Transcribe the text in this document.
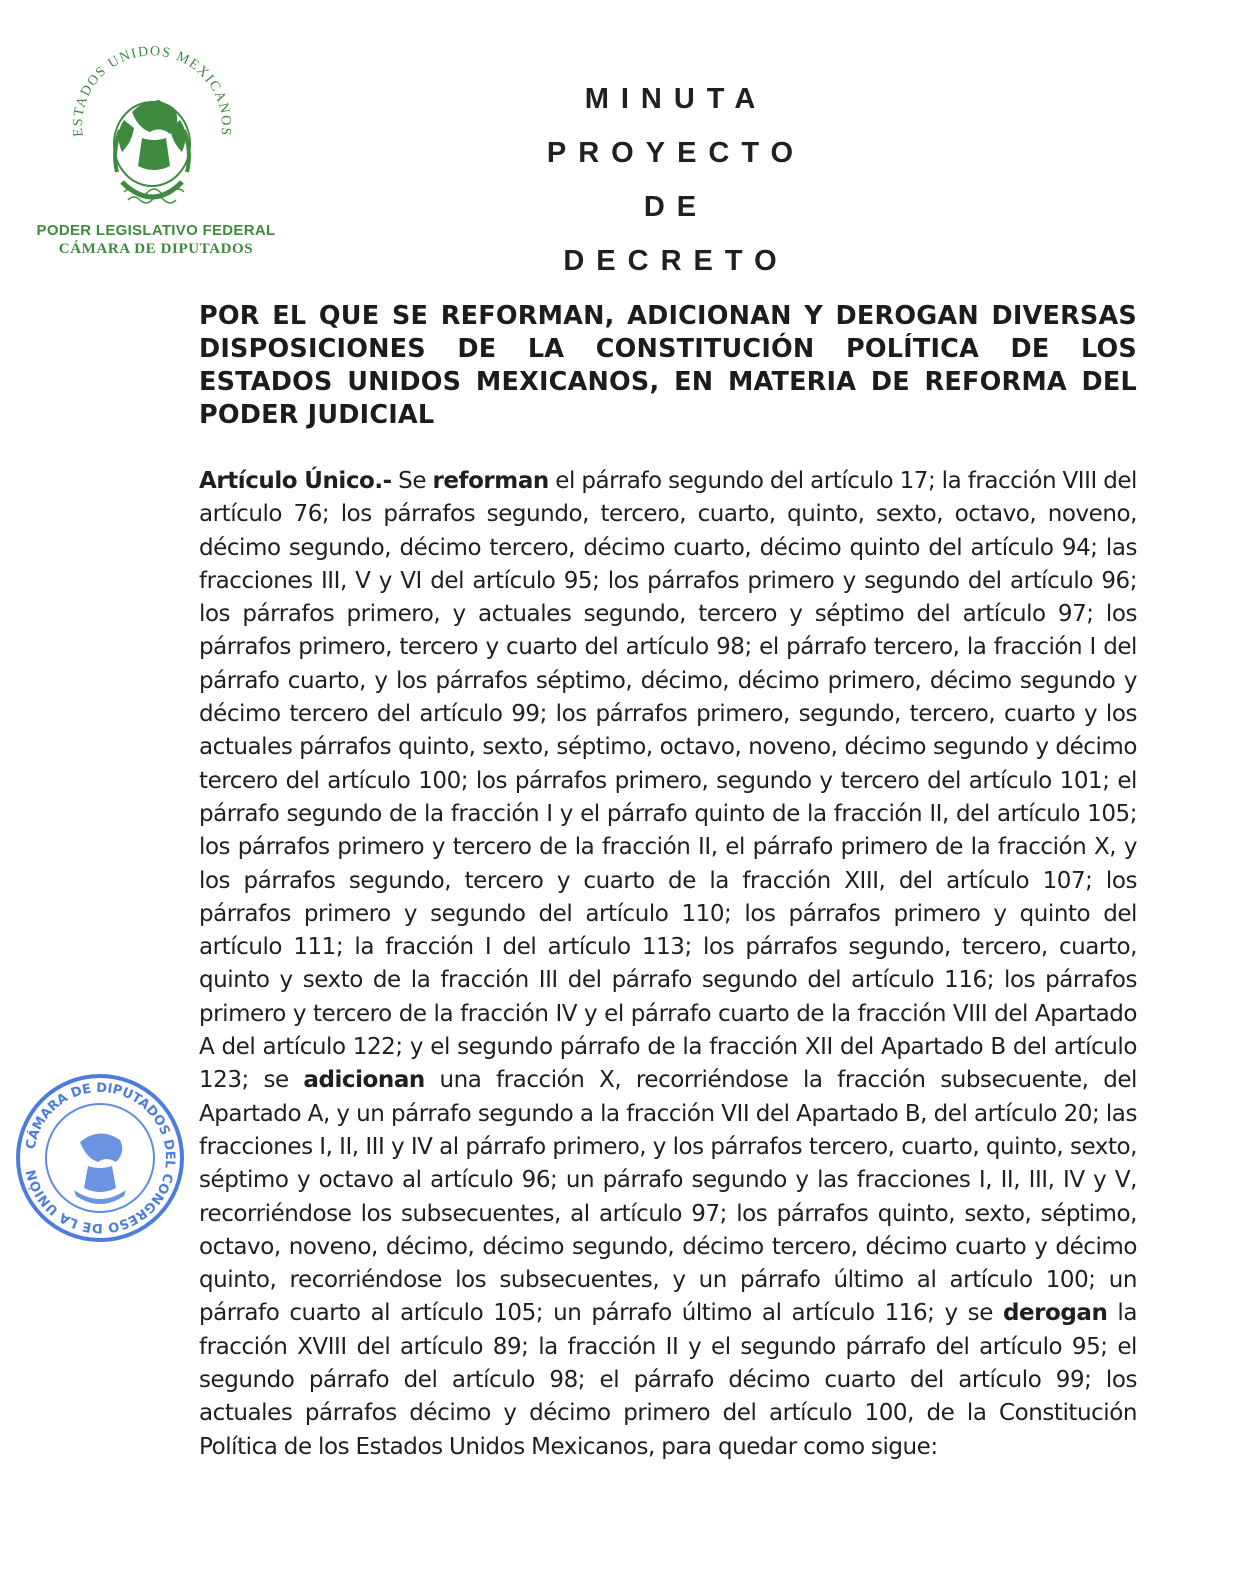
ESTADOS UNIDOS MEXICANOS
PODER LEGISLATIVO FEDERAL
CÁMARA DE DIPUTADOS
MINUTA
PROYECTO
DE
DECRETO
POR EL QUE SE REFORMAN, ADICIONAN Y DEROGAN DIVERSAS DISPOSICIONES DE LA CONSTITUCIÓN POLÍTICA DE LOS ESTADOS UNIDOS MEXICANOS, EN MATERIA DE REFORMA DEL PODER JUDICIAL
Artículo Único.- Se reforman el párrafo segundo del artículo 17; la fracción VIII del artículo 76; los párrafos segundo, tercero, cuarto, quinto, sexto, octavo, noveno, décimo segundo, décimo tercero, décimo cuarto, décimo quinto del artículo 94; las fracciones III, V y VI del artículo 95; los párrafos primero y segundo del artículo 96; los párrafos primero, y actuales segundo, tercero y séptimo del artículo 97; los párrafos primero, tercero y cuarto del artículo 98; el párrafo tercero, la fracción I del párrafo cuarto, y los párrafos séptimo, décimo, décimo primero, décimo segundo y décimo tercero del artículo 99; los párrafos primero, segundo, tercero, cuarto y los actuales párrafos quinto, sexto, séptimo, octavo, noveno, décimo segundo y décimo tercero del artículo 100; los párrafos primero, segundo y tercero del artículo 101; el párrafo segundo de la fracción I y el párrafo quinto de la fracción II, del artículo 105; los párrafos primero y tercero de la fracción II, el párrafo primero de la fracción X, y los párrafos segundo, tercero y cuarto de la fracción XIII, del artículo 107; los párrafos primero y segundo del artículo 110; los párrafos primero y quinto del artículo 111; la fracción I del artículo 113; los párrafos segundo, tercero, cuarto, quinto y sexto de la fracción III del párrafo segundo del artículo 116; los párrafos primero y tercero de la fracción IV y el párrafo cuarto de la fracción VIII del Apartado A del artículo 122; y el segundo párrafo de la fracción XII del Apartado B del artículo 123; se adicionan una fracción X, recorriéndose la fracción subsecuente, del Apartado A, y un párrafo segundo a la fracción VII del Apartado B, del artículo 20; las fracciones I, II, III y IV al párrafo primero, y los párrafos tercero, cuarto, quinto, sexto, séptimo y octavo al artículo 96; un párrafo segundo y las fracciones I, II, III, IV y V, recorriéndose los subsecuentes, al artículo 97; los párrafos quinto, sexto, séptimo, octavo, noveno, décimo, décimo segundo, décimo tercero, décimo cuarto y décimo quinto, recorriéndose los subsecuentes, y un párrafo último al artículo 100; un párrafo cuarto al artículo 105; un párrafo último al artículo 116; y se derogan la fracción XVIII del artículo 89; la fracción II y el segundo párrafo del artículo 95; el segundo párrafo del artículo 98; el párrafo décimo cuarto del artículo 99; los actuales párrafos décimo y décimo primero del artículo 100, de la Constitución Política de los Estados Unidos Mexicanos, para quedar como sigue:
CÁMARA DE DIPUTADOS DEL CONGRESO DE LA UNIÓN
